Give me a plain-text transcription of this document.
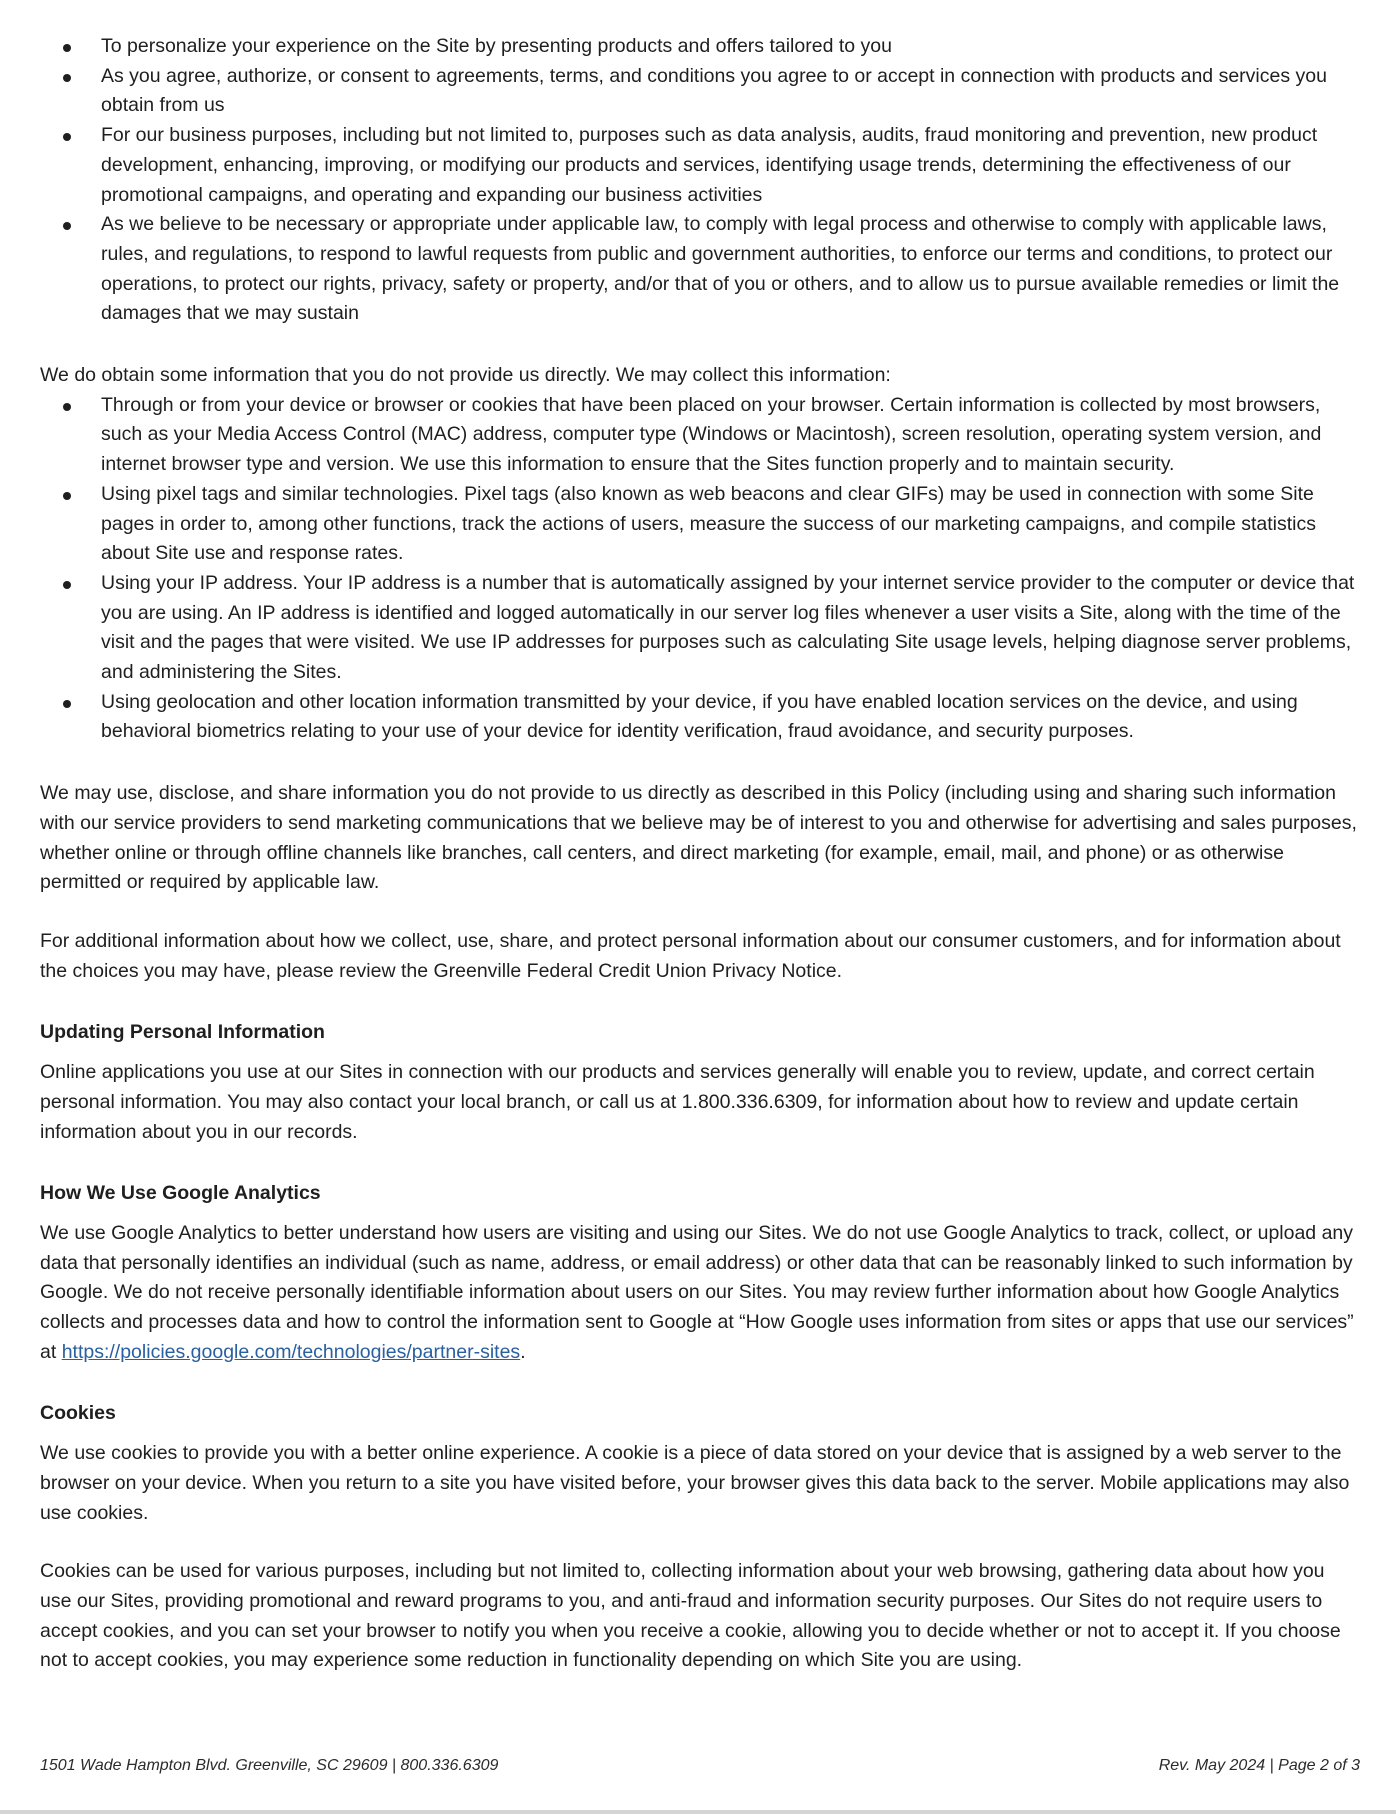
To personalize your experience on the Site by presenting products and offers tailored to you
As you agree, authorize, or consent to agreements, terms, and conditions you agree to or accept in connection with products and services you obtain from us
For our business purposes, including but not limited to, purposes such as data analysis, audits, fraud monitoring and prevention, new product development, enhancing, improving, or modifying our products and services, identifying usage trends, determining the effectiveness of our promotional campaigns, and operating and expanding our business activities
As we believe to be necessary or appropriate under applicable law, to comply with legal process and otherwise to comply with applicable laws, rules, and regulations, to respond to lawful requests from public and government authorities, to enforce our terms and conditions, to protect our operations, to protect our rights, privacy, safety or property, and/or that of you or others, and to allow us to pursue available remedies or limit the damages that we may sustain

We do obtain some information that you do not provide us directly. We may collect this information:

Through or from your device or browser or cookies that have been placed on your browser. Certain information is collected by most browsers, such as your Media Access Control (MAC) address, computer type (Windows or Macintosh), screen resolution, operating system version, and internet browser type and version. We use this information to ensure that the Sites function properly and to maintain security.
Using pixel tags and similar technologies. Pixel tags (also known as web beacons and clear GIFs) may be used in connection with some Site pages in order to, among other functions, track the actions of users, measure the success of our marketing campaigns, and compile statistics about Site use and response rates.
Using your IP address. Your IP address is a number that is automatically assigned by your internet service provider to the computer or device that you are using. An IP address is identified and logged automatically in our server log files whenever a user visits a Site, along with the time of the visit and the pages that were visited. We use IP addresses for purposes such as calculating Site usage levels, helping diagnose server problems, and administering the Sites.
Using geolocation and other location information transmitted by your device, if you have enabled location services on the device, and using behavioral biometrics relating to your use of your device for identity verification, fraud avoidance, and security purposes.

We may use, disclose, and share information you do not provide to us directly as described in this Policy (including using and sharing such information with our service providers to send marketing communications that we believe may be of interest to you and otherwise for advertising and sales purposes, whether online or through offline channels like branches, call centers, and direct marketing (for example, email, mail, and phone) or as otherwise permitted or required by applicable law.

For additional information about how we collect, use, share, and protect personal information about our consumer customers, and for information about the choices you may have, please review the Greenville Federal Credit Union Privacy Notice.

Updating Personal Information

Online applications you use at our Sites in connection with our products and services generally will enable you to review, update, and correct certain personal information. You may also contact your local branch, or call us at 1.800.336.6309, for information about how to review and update certain information about you in our records.

How We Use Google Analytics

We use Google Analytics to better understand how users are visiting and using our Sites. We do not use Google Analytics to track, collect, or upload any data that personally identifies an individual (such as name, address, or email address) or other data that can be reasonably linked to such information by Google. We do not receive personally identifiable information about users on our Sites. You may review further information about how Google Analytics collects and processes data and how to control the information sent to Google at “How Google uses information from sites or apps that use our services” at https://policies.google.com/technologies/partner-sites.

Cookies

We use cookies to provide you with a better online experience. A cookie is a piece of data stored on your device that is assigned by a web server to the browser on your device. When you return to a site you have visited before, your browser gives this data back to the server. Mobile applications may also use cookies.

Cookies can be used for various purposes, including but not limited to, collecting information about your web browsing, gathering data about how you use our Sites, providing promotional and reward programs to you, and anti-fraud and information security purposes. Our Sites do not require users to accept cookies, and you can set your browser to notify you when you receive a cookie, allowing you to decide whether or not to accept it. If you choose not to accept cookies, you may experience some reduction in functionality depending on which Site you are using.

1501 Wade Hampton Blvd. Greenville, SC 29609 | 800.336.6309	Rev. May 2024 | Page 2 of 3
